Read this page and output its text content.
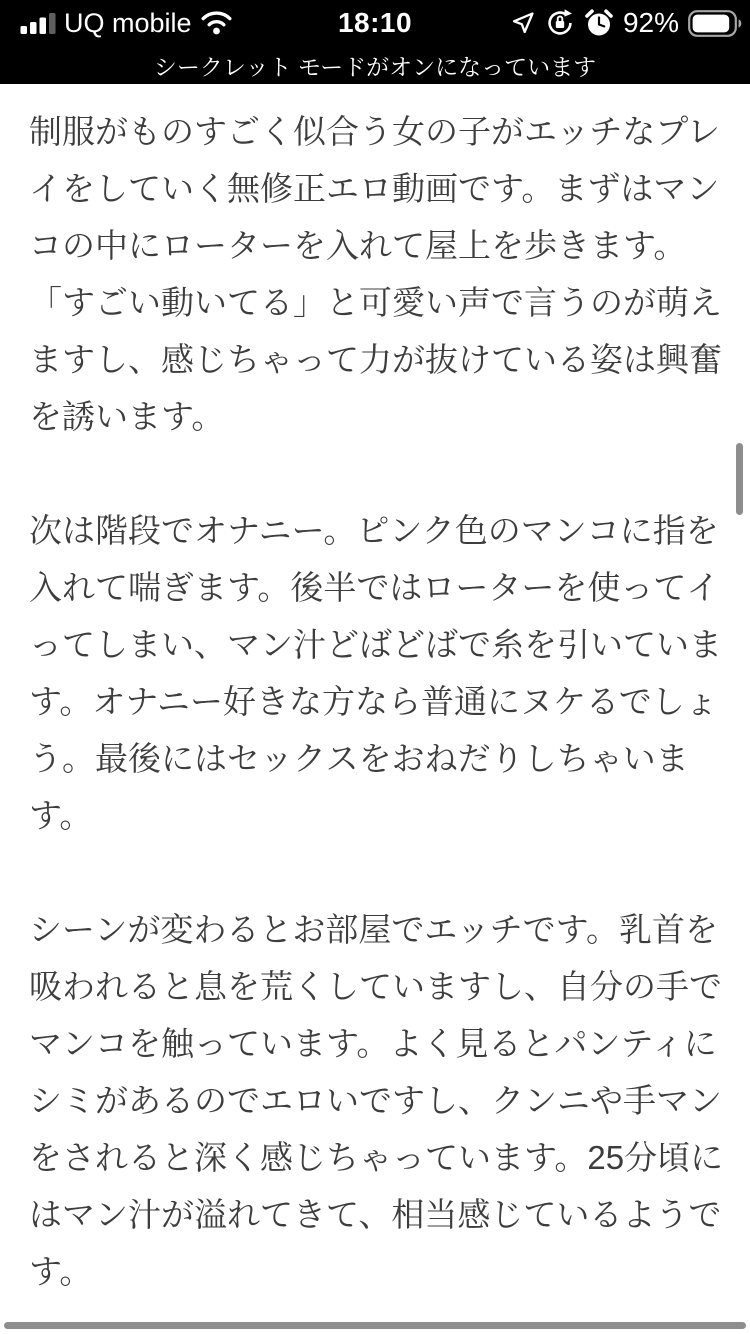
UQ mobile	18:10	92%
シークレット モードがオンになっています

制服がものすごく似合う女の子がエッチなプレイをしていく無修正エロ動画です。まずはマンコの中にローターを入れて屋上を歩きます。「すごい動いてる」と可愛い声で言うのが萌えますし、感じちゃって力が抜けている姿は興奮を誘います。

次は階段でオナニー。ピンク色のマンコに指を入れて喘ぎます。後半ではローターを使ってイってしまい、マン汁どばどばで糸を引いています。オナニー好きな方なら普通にヌケるでしょう。最後にはセックスをおねだりしちゃいます。

シーンが変わるとお部屋でエッチです。乳首を吸われると息を荒くしていますし、自分の手でマンコを触っています。よく見るとパンティにシミがあるのでエロいですし、クンニや手マンをされると深く感じちゃっています。25分頃にはマン汁が溢れてきて、相当感じているようです。
